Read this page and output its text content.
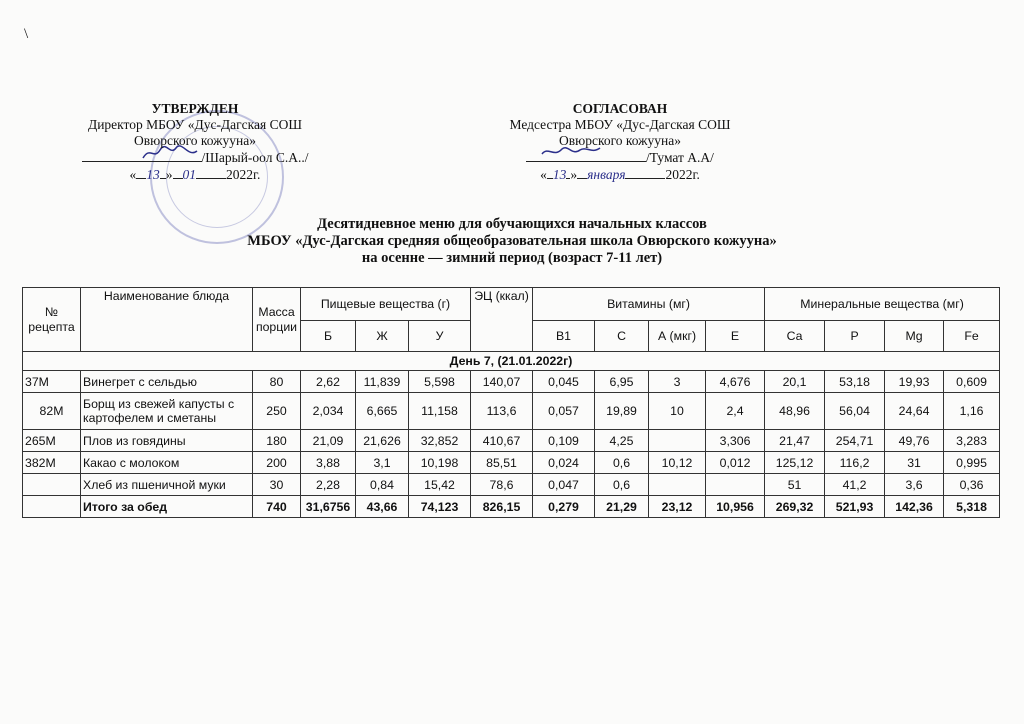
\
УТВЕРЖДЕН
Директор МБОУ «Дус-Дагская СОШ
Овюрского кожууна»
/Шарый-оол С.А../
« 13 » 01 2022г.
СОГЛАСОВАН
Медсестра МБОУ «Дус-Дагская СОШ
Овюрского кожууна»
/Тумат А.А/
« 13 » января	2022г.
Десятидневное меню для обучающихся начальных классов
МБОУ «Дус-Дагская средняя общеобразовательная школа Овюрского кожууна»
на осенне — зимний период (возраст 7-11 лет)
№ рецепта	Наименование блюда	Масса порции	Пищевые вещества (г)			ЭЦ (ккал)	Витамины (мг)				Минеральные вещества (мг)			
			Б	Ж	У		В1	С	А (мкг)	Е	Са	Р	Mg	Fe
День 7, (21.01.2022г)														
37М	Винегрет с сельдью	80	2,62	11,839	5,598	140,07	0,045	6,95	3	4,676	20,1	53,18	19,93	0,609
82М	Борщ из свежей капусты с картофелем и сметаны	250	2,034	6,665	11,158	113,6	0,057	19,89	10	2,4	48,96	56,04	24,64	1,16
265М	Плов из говядины	180	21,09	21,626	32,852	410,67	0,109	4,25		3,306	21,47	254,71	49,76	3,283
382М	Какао с молоком	200	3,88	3,1	10,198	85,51	0,024	0,6	10,12	0,012	125,12	116,2	31	0,995
	Хлеб из пшеничной муки	30	2,28	0,84	15,42	78,6	0,047	0,6			51	41,2	3,6	0,36
	Итого за обед	740	31,6756	43,66	74,123	826,15	0,279	21,29	23,12	10,956	269,32	521,93	142,36	5,318
